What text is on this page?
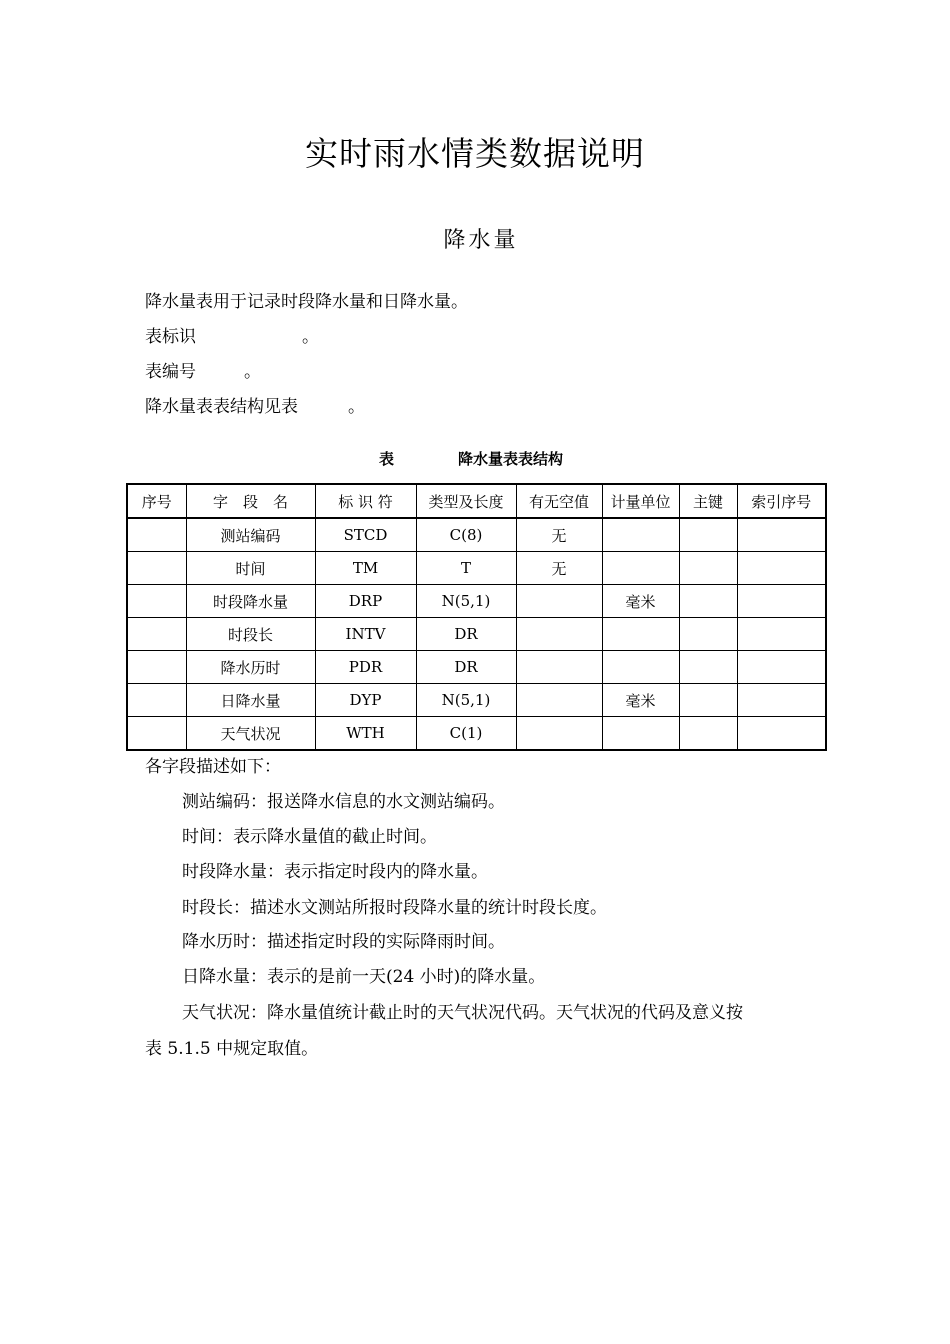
实时雨水情类数据说明
降水量
降水量表用于记录时段降水量和日降水量。
表标识	。
表编号	。
降水量表表结构见表	。
表	降水量表表结构
序号	字　段　名	标 识 符	类型及长度	有无空值	计量单位	主键	索引序号
	测站编码	STCD	C(8)	无			
	时间	TM	T	无			
	时段降水量	DRP	N(5,1)		毫米		
	时段长	INTV	DR				
	降水历时	PDR	DR				
	日降水量	DYP	N(5,1)		毫米		
	天气状况	WTH	C(1)				
各字段描述如下：
测站编码：报送降水信息的水文测站编码。
时间：表示降水量值的截止时间。
时段降水量：表示指定时段内的降水量。
时段长：描述水文测站所报时段降水量的统计时段长度。
降水历时：描述指定时段的实际降雨时间。
日降水量：表示的是前一天(24 小时)的降水量。
天气状况：降水量值统计截止时的天气状况代码。天气状况的代码及意义按
表 5.1.5 中规定取值。
